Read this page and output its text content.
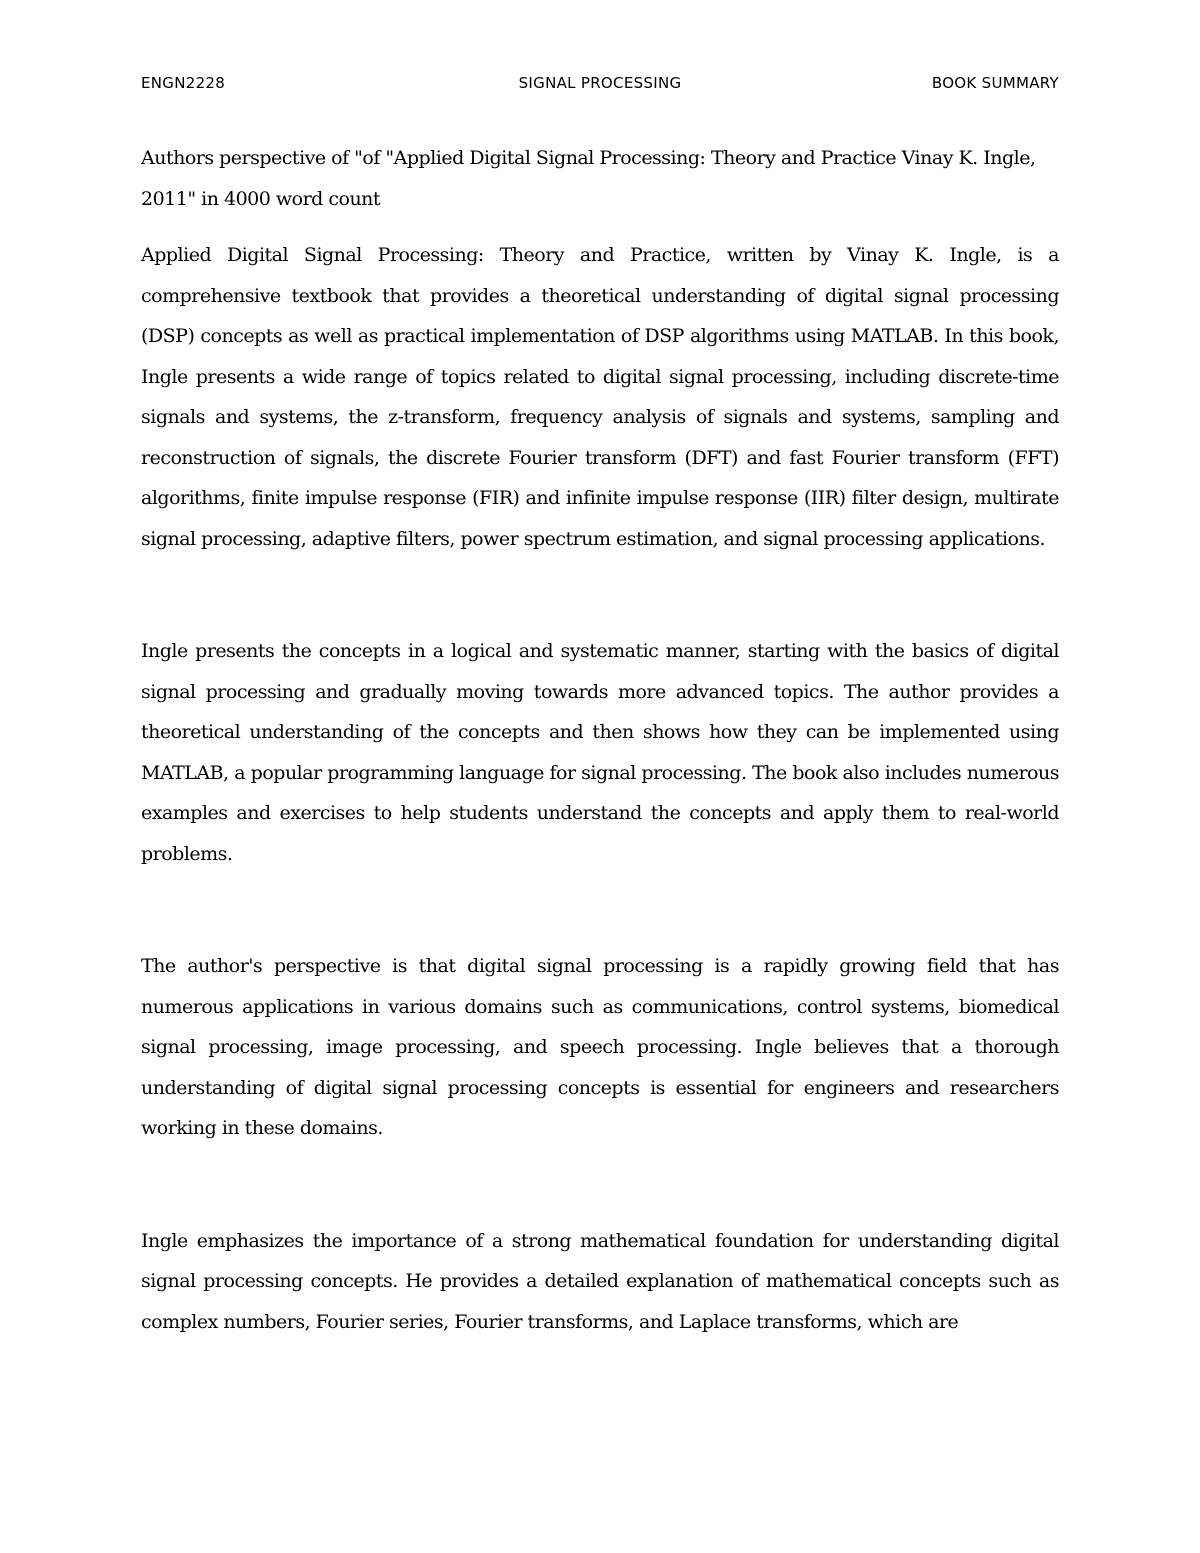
ENGN2228	SIGNAL PROCESSING	BOOK SUMMARY

Authors perspective of "of "Applied Digital Signal Processing: Theory and Practice Vinay K. Ingle, 2011" in 4000 word count

Applied Digital Signal Processing: Theory and Practice, written by Vinay K. Ingle, is a comprehensive textbook that provides a theoretical understanding of digital signal processing (DSP) concepts as well as practical implementation of DSP algorithms using MATLAB. In this book, Ingle presents a wide range of topics related to digital signal processing, including discrete-time signals and systems, the z-transform, frequency analysis of signals and systems, sampling and reconstruction of signals, the discrete Fourier transform (DFT) and fast Fourier transform (FFT) algorithms, finite impulse response (FIR) and infinite impulse response (IIR) filter design, multirate signal processing, adaptive filters, power spectrum estimation, and signal processing applications.

Ingle presents the concepts in a logical and systematic manner, starting with the basics of digital signal processing and gradually moving towards more advanced topics. The author provides a theoretical understanding of the concepts and then shows how they can be implemented using MATLAB, a popular programming language for signal processing. The book also includes numerous examples and exercises to help students understand the concepts and apply them to real-world problems.

The author's perspective is that digital signal processing is a rapidly growing field that has numerous applications in various domains such as communications, control systems, biomedical signal processing, image processing, and speech processing. Ingle believes that a thorough understanding of digital signal processing concepts is essential for engineers and researchers working in these domains.

Ingle emphasizes the importance of a strong mathematical foundation for understanding digital signal processing concepts. He provides a detailed explanation of mathematical concepts such as complex numbers, Fourier series, Fourier transforms, and Laplace transforms, which are
